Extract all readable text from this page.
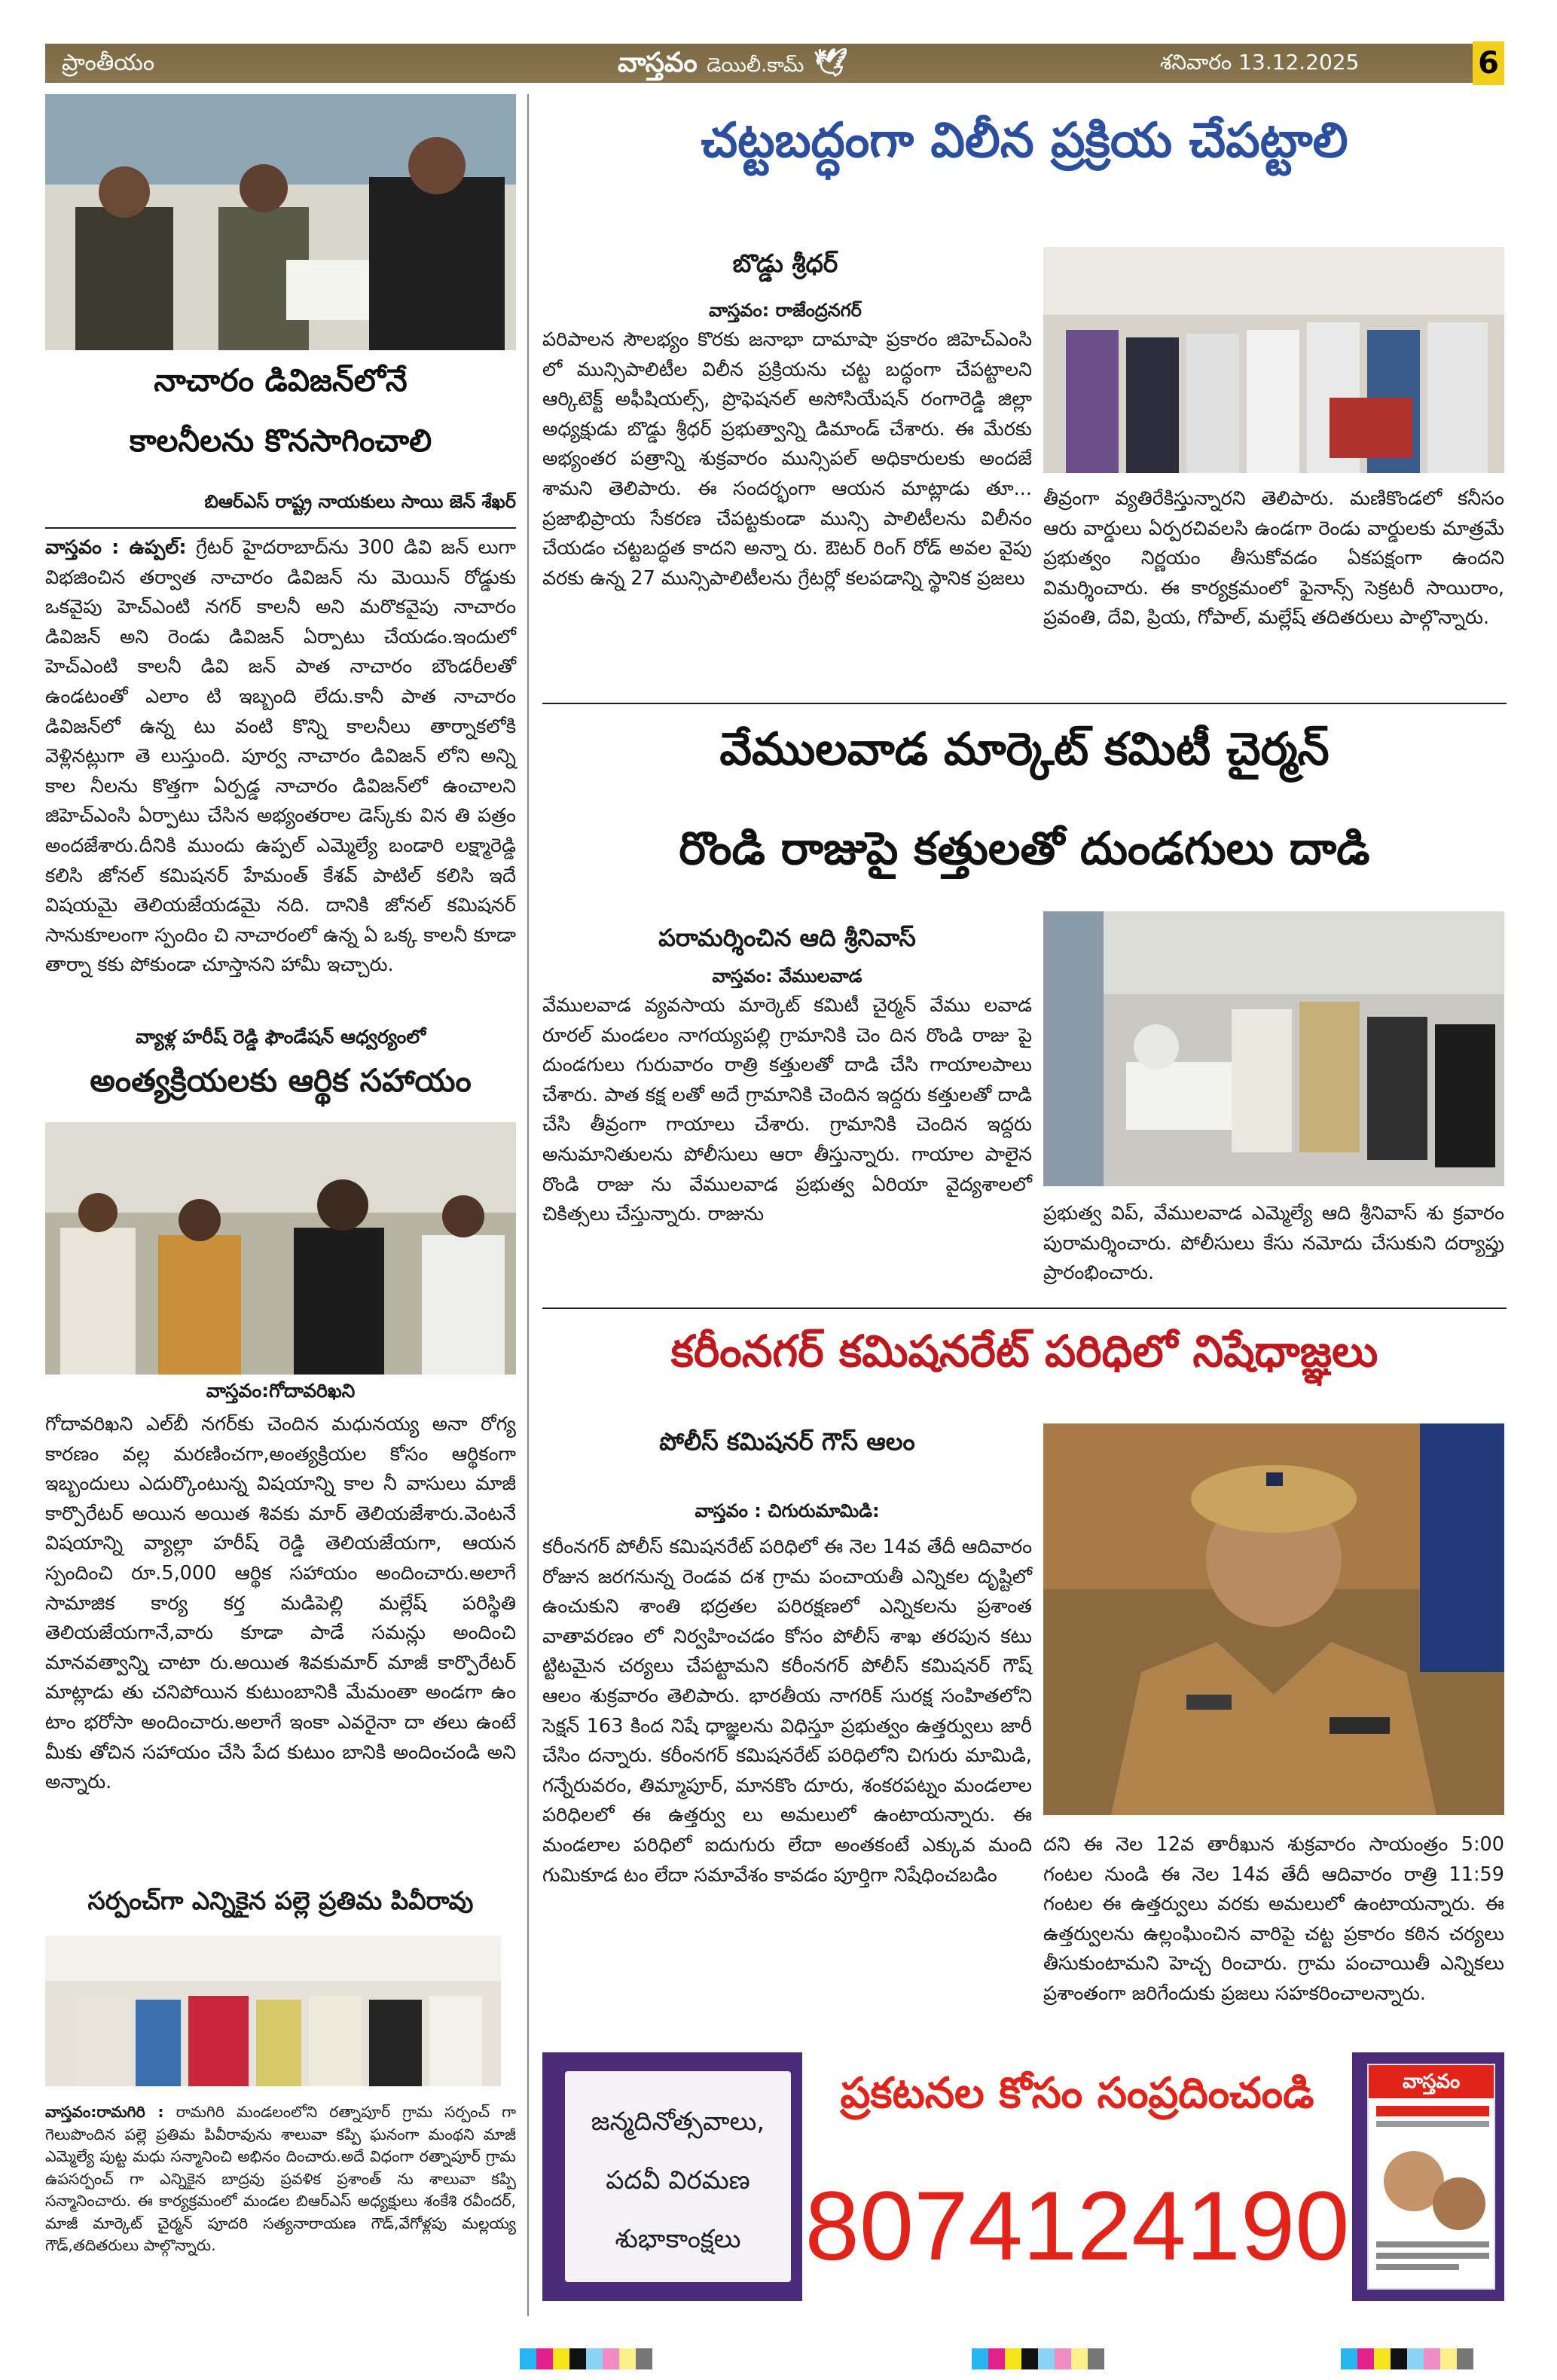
ప్రాంతీయం	వాస్తవం డెయిలీ.కామ్ 🕊	శనివారం 13.12.2025	6
నాచారం డివిజన్‌లోనే
కాలనీలను కొనసాగించాలి
బిఆర్ఎస్ రాష్ట్ర నాయకులు సాయి జెన్ శేఖర్
వాస్తవం : ఉప్పల్: గ్రేటర్ హైదరాబాద్‌ను 300 డివి జన్ లుగా విభజించిన తర్వాత నాచారం డివిజన్ ను మెయిన్ రోడ్డుకు ఒకవైపు హెచ్ఎంటి నగర్ కాలనీ అని మరొకవైపు నాచారం డివిజన్ అని రెండు డివిజన్ ఏర్పాటు చేయడం.ఇందులో హెచ్ఎంటి కాలనీ డివి జన్ పాత నాచారం బౌండరీలతో ఉండటంతో ఎలాం టి ఇబ్బంది లేదు.కానీ పాత నాచారం డివిజన్‌లో ఉన్న టు వంటి కొన్ని కాలనీలు తార్నాకలోకి వెళ్లినట్లుగా తె లుస్తుంది. పూర్వ నాచారం డివిజన్ లోని అన్ని కాల నీలను కొత్తగా ఏర్పడ్డ నాచారం డివిజన్‌లో ఉంచాలని జిహెచ్ఎంసి ఏర్పాటు చేసిన అభ్యంతరాల డెస్క్‌కు విన తి పత్రం అందజేశారు.దీనికి ముందు ఉప్పల్ ఎమ్మెల్యే బండారి లక్ష్మారెడ్డి కలిసి జోనల్ కమిషనర్ హేమంత్ కేశవ్ పాటిల్ కలిసి ఇదే విషయమై తెలియజేయడమై నది. దానికి జోనల్ కమిషనర్ సానుకూలంగా స్పందిం చి నాచారంలో ఉన్న ఏ ఒక్క కాలనీ కూడా తార్నా కకు పోకుండా చూస్తానని హామీ ఇచ్చారు.
వ్యాళ్ల హరీష్ రెడ్డి ఫౌండేషన్ ఆధ్వర్యంలో
అంత్యక్రియలకు ఆర్థిక సహాయం
వాస్తవం:గోదావరిఖని
గోదావరిఖని ఎల్‌బీ నగర్‌కు చెందిన మధునయ్య అనా రోగ్య కారణం వల్ల మరణించగా,అంత్యక్రియల కోసం ఆర్థికంగా ఇబ్బందులు ఎదుర్కొంటున్న విషయాన్ని కాల నీ వాసులు మాజీ కార్పొరేటర్ అయిన అయిత శివకు మార్ తెలియజేశారు.వెంటనే విషయాన్ని వ్యాల్లా హరీష్ రెడ్డి తెలియజేయగా, ఆయన స్పందించి రూ.5,000 ఆర్థిక సహాయం అందించారు.అలాగే సామాజిక కార్య కర్త మడిపెల్లి మల్లేష్ పరిస్థితి తెలియజేయగానే,వారు కూడా పాడే సమన్లు అందించి మానవత్వాన్ని చాటా రు.అయిత శివకుమార్ మాజీ కార్పొరేటర్ మాట్లాడు తు చనిపోయిన కుటుంబానికి మేమంతా అండగా ఉం టాం భరోసా అందించారు.అలాగే ఇంకా ఎవరైనా దా తలు ఉంటే మీకు తోచిన సహాయం చేసి పేద కుటుం బానికి అందించండి అని అన్నారు.
సర్పంచ్‌గా ఎన్నికైన పల్లె ప్రతిమ పివీరావు
వాస్తవం:రామగిరి : రామగిరి మండలంలోని రత్నాపూర్ గ్రామ సర్పంచ్ గా గెలుపొందిన పల్లె ప్రతిమ పివీరావును శాలువా కప్పి ఘనంగా మంథని మాజీ ఎమ్మెల్యే పుట్ట మధు సన్మానించి అభినం దించారు.అదే విధంగా రత్నాపూర్ గ్రామ ఉపసర్పంచ్ గా ఎన్నికైన బాద్రవు ప్రవళిక ప్రశాంత్ ను శాలువా కప్పి సన్మానించారు. ఈ కార్యక్రమంలో మండల బిఆర్ఎస్ అధ్యక్షులు శంకేశి రవీందర్, మాజీ మార్కెట్ చైర్మన్ పూదరి సత్యనారాయణ గౌడ్,వేగోళ్లపు మల్లయ్య గౌడ్,తదితరులు పాల్గొన్నారు.
చట్టబద్ధంగా విలీన ప్రక్రియ చేపట్టాలి
బొడ్డు శ్రీధర్
వాస్తవం: రాజేంద్రనగర్
పరిపాలన సౌలభ్యం కొరకు జనాభా దామాషా ప్రకారం జిహెచ్ఎంసి లో మున్సిపాలిటీల విలీన ప్రక్రియను చట్ట బద్ధంగా చేపట్టాలని ఆర్కిటెక్ట్ అఫీషియల్స్, ప్రొఫెషనల్ అసోసియేషన్ రంగారెడ్డి జిల్లా అధ్యక్షుడు బొడ్డు శ్రీధర్ ప్రభుత్వాన్ని డిమాండ్ చేశారు. ఈ మేరకు అభ్యంతర పత్రాన్ని శుక్రవారం మున్సిపల్ అధికారులకు అందజే శామని తెలిపారు. ఈ సందర్భంగా ఆయన మాట్లాడు తూ... ప్రజాభిప్రాయ సేకరణ చేపట్టకుండా మున్సి పాలిటీలను విలీనం చేయడం చట్టబద్ధత కాదని అన్నా రు. ఔటర్ రింగ్ రోడ్ అవల వైపు వరకు ఉన్న 27 మున్సిపాలిటీలను గ్రేటర్లో కలపడాన్ని స్థానిక ప్రజలు
తీవ్రంగా వ్యతిరేకిస్తున్నారని తెలిపారు. మణికొండలో కనీసం ఆరు వార్డులు ఏర్పరచివలసి ఉండగా రెండు వార్డులకు మాత్రమే ప్రభుత్వం నిర్ణయం తీసుకోవడం ఏకపక్షంగా ఉందని విమర్శించారు. ఈ కార్యక్రమంలో ఫైనాన్స్ సెక్రటరీ సాయిరాం, ప్రవంతి, దేవి, ప్రియ, గోపాల్, మల్లేష్ తదితరులు పాల్గొన్నారు.
వేములవాడ మార్కెట్ కమిటీ చైర్మన్
రొండి రాజుపై కత్తులతో దుండగులు దాడి
పరామర్శించిన ఆది శ్రీనివాస్
వాస్తవం: వేములవాడ
వేములవాడ వ్యవసాయ మార్కెట్ కమిటీ చైర్మన్ వేము లవాడ రూరల్ మండలం నాగయ్యపల్లి గ్రామానికి చెం దిన రొండి రాజు పై దుండగులు గురువారం రాత్రి కత్తులతో దాడి చేసి గాయాలపాలు చేశారు. పాత కక్ష లతో అదే గ్రామానికి చెందిన ఇద్దరు కత్తులతో దాడి చేసి తీవ్రంగా గాయాలు చేశారు. గ్రామానికి చెందిన ఇద్దరు అనుమానితులను పోలీసులు ఆరా తీస్తున్నారు. గాయాల పాలైన రొండి రాజు ను వేములవాడ ప్రభుత్వ ఏరియా వైద్యశాలలో చికిత్సలు చేస్తున్నారు. రాజును	ప్రభుత్వ విప్, వేములవాడ ఎమ్మెల్యే ఆది శ్రీనివాస్ శు క్రవారం పురామర్శించారు. పోలీసులు కేసు నమోదు చేసుకుని దర్యాప్తు ప్రారంభించారు.
కరీంనగర్ కమిషనరేట్ పరిధిలో నిషేధాజ్ఞలు
పోలీస్ కమిషనర్ గౌస్ ఆలం
వాస్తవం : చిగురుమామిడి:
కరీంనగర్ పోలీస్ కమిషనరేట్ పరిధిలో ఈ నెల 14వ తేదీ ఆదివారం రోజున జరగనున్న రెండవ దశ గ్రామ పంచాయతీ ఎన్నికల దృష్టిలో ఉంచుకుని శాంతి భద్రతల పరిరక్షణలో ఎన్నికలను ప్రశాంత వాతావరణం లో నిర్వహించడం కోసం పోలీస్ శాఖ తరపున కటు ట్టిటమైన చర్యలు చేపట్టామని కరీంనగర్ పోలీస్ కమిషనర్ గౌష్ ఆలం శుక్రవారం తెలిపారు. భారతీయ నాగరిక్ సురక్ష సంహితలోని సెక్షన్ 163 కింద నిషే ధాజ్ఞలను విధిస్తూ ప్రభుత్వం ఉత్తర్వులు జారీ చేసిం దన్నారు. కరీంనగర్ కమిషనరేట్ పరిధిలోని చిగురు మామిడి, గన్నేరువరం, తిమ్మాపూర్, మానకొం దూరు, శంకరపట్నం మండలాల పరిధిలలో ఈ ఉత్తర్వు లు అమలులో ఉంటాయన్నారు. ఈ మండలాల పరిధిలో ఐదుగురు లేదా అంతకంటే ఎక్కువ మంది గుమికూడ టం లేదా సమావేశం కావడం పూర్తిగా నిషేధించబడిం
దని ఈ నెల 12వ తారీఖున శుక్రవారం సాయంత్రం 5:00 గంటల నుండి ఈ నెల 14వ తేదీ ఆదివారం రాత్రి 11:59 గంటల ఈ ఉత్తర్వులు వరకు అమలులో ఉంటాయన్నారు. ఈ ఉత్తర్వులను ఉల్లంఘించిన వారిపై చట్ట ప్రకారం కఠిన చర్యలు తీసుకుంటామని హెచ్చ రించారు. గ్రామ పంచాయితీ ఎన్నికలు ప్రశాంతంగా జరిగేందుకు ప్రజలు సహకరించాలన్నారు.
జన్మదినోత్సవాలు,
పదవీ విరమణ
శుభాకాంక్షలు
ప్రకటనల కోసం సంప్రదించండి
8074124190
వాస్తవం
